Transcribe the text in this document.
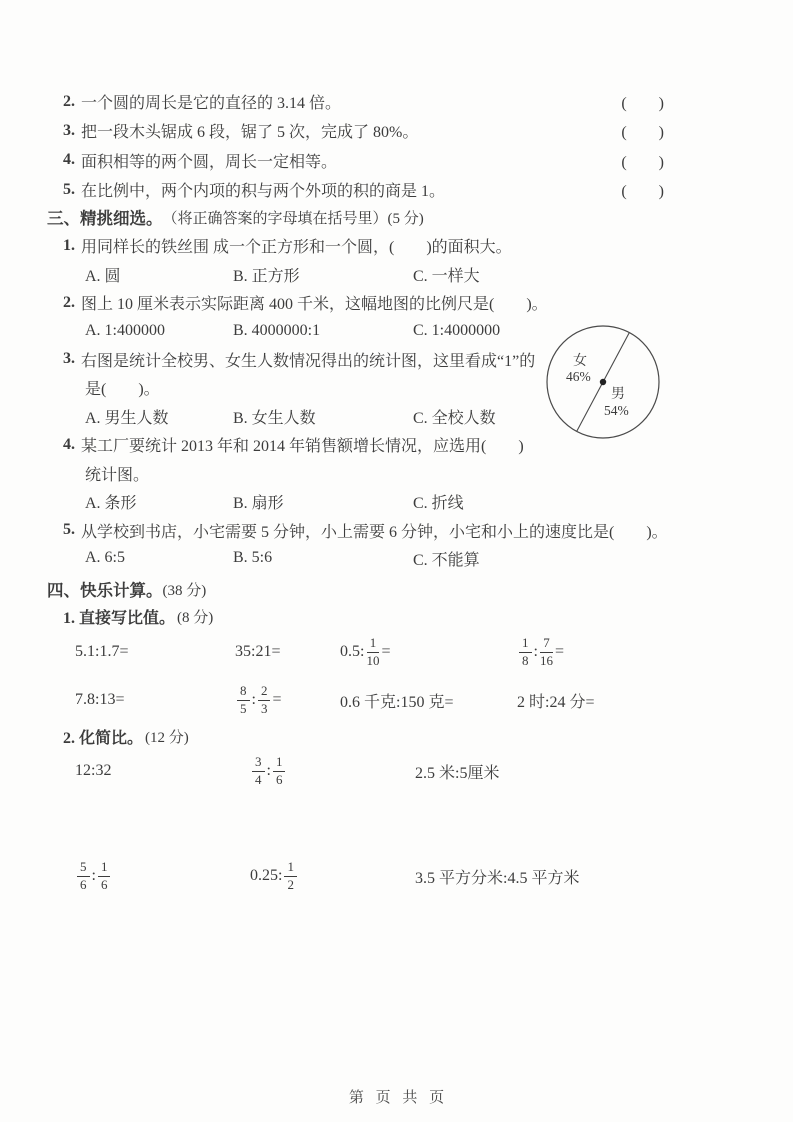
2. 一个圆的周长是它的直径的 3.14 倍。	(　　)
3. 把一段木头锯成 6 段，锯了 5 次，完成了 80%。	(　　)
4. 面积相等的两个圆，周长一定相等。	(　　)
5. 在比例中，两个内项的积与两个外项的积的商是 1。	(　　)
三、精挑细选。 （将正确答案的字母填在括号里）(5 分)
1. 用同样长的铁丝围 成一个正方形和一个圆，(　　)的面积大。
A. 圆	B. 正方形	C. 一样大
2. 图上 10 厘米表示实际距离 400 千米，这幅地图的比例尺是(　　)。
A. 1:400000	B. 4000000:1	C. 1:4000000
3. 右图是统计全校男、女生人数情况得出的统计图，这里看成“1”的
是(　　)。
A. 男生人数	B. 女生人数	C. 全校人数
4. 某工厂要统计 2013 年和 2014 年销售额增长情况，应选用(　　)
统计图。
A. 条形	B. 扇形	C. 折线
5. 从学校到书店，小宅需要 5 分钟，小上需要 6 分钟，小宅和小上的速度比是(　　)。
A. 6:5	B. 5:6	C. 不能算
女
46%
男
54%
四、快乐计算。 (38 分)
1. 直接写比值。 (8 分)
5.1:1.7=	35:21=	0.5: $\frac{1}{10}$ =	$\frac{1}{8}$ : $\frac{7}{16}$ =
7.8:13=	$\frac{8}{5}$ : $\frac{2}{3}$ =	0.6 千克:150 克=	2 时:24 分=
2. 化简比。 (12 分)
12:32	$\frac{3}{4}$ : $\frac{1}{6}$	2.5 米:5厘米
$\frac{5}{6}$ : $\frac{1}{6}$	0.25: $\frac{1}{2}$	3.5 平方分米:4.5 平方米
第 页 共 页
